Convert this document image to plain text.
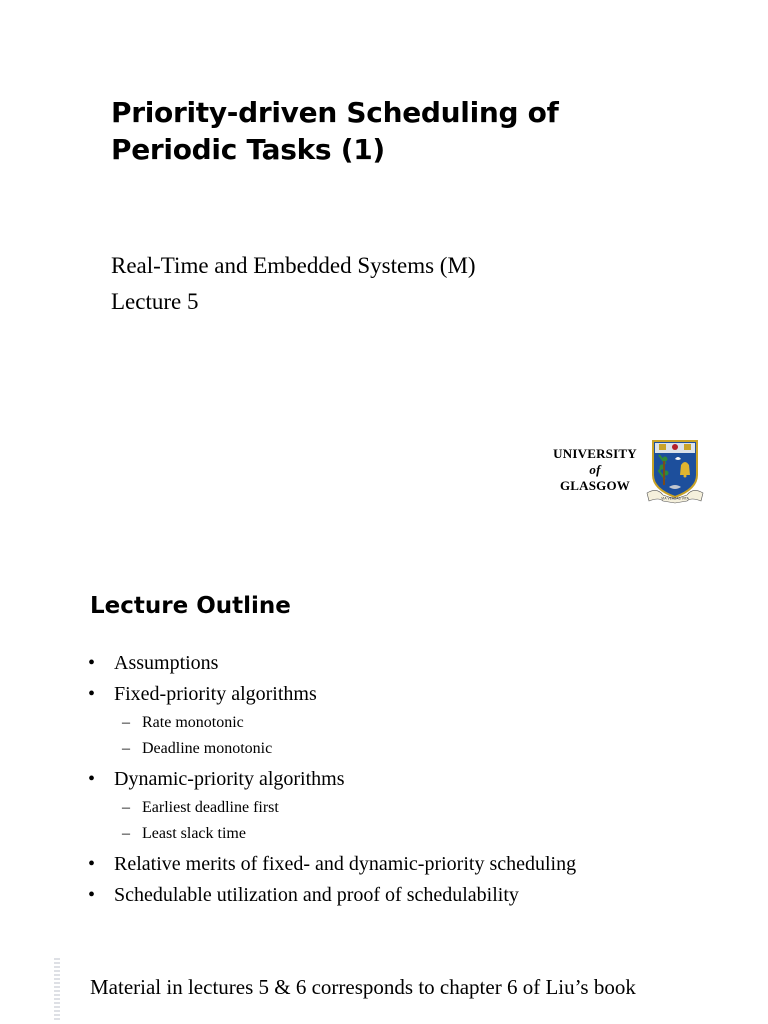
Priority-driven Scheduling of
Periodic Tasks (1)
Real-Time and Embedded Systems (M)
Lecture 5
UNIVERSITY
of
GLASGOW
VIA VERITAS VITA
Lecture Outline
• Assumptions
• Fixed-priority algorithms
– Rate monotonic
– Deadline monotonic
• Dynamic-priority algorithms
– Earliest deadline first
– Least slack time
• Relative merits of fixed- and dynamic-priority scheduling
• Schedulable utilization and proof of schedulability
Material in lectures 5 & 6 corresponds to chapter 6 of Liu’s book
